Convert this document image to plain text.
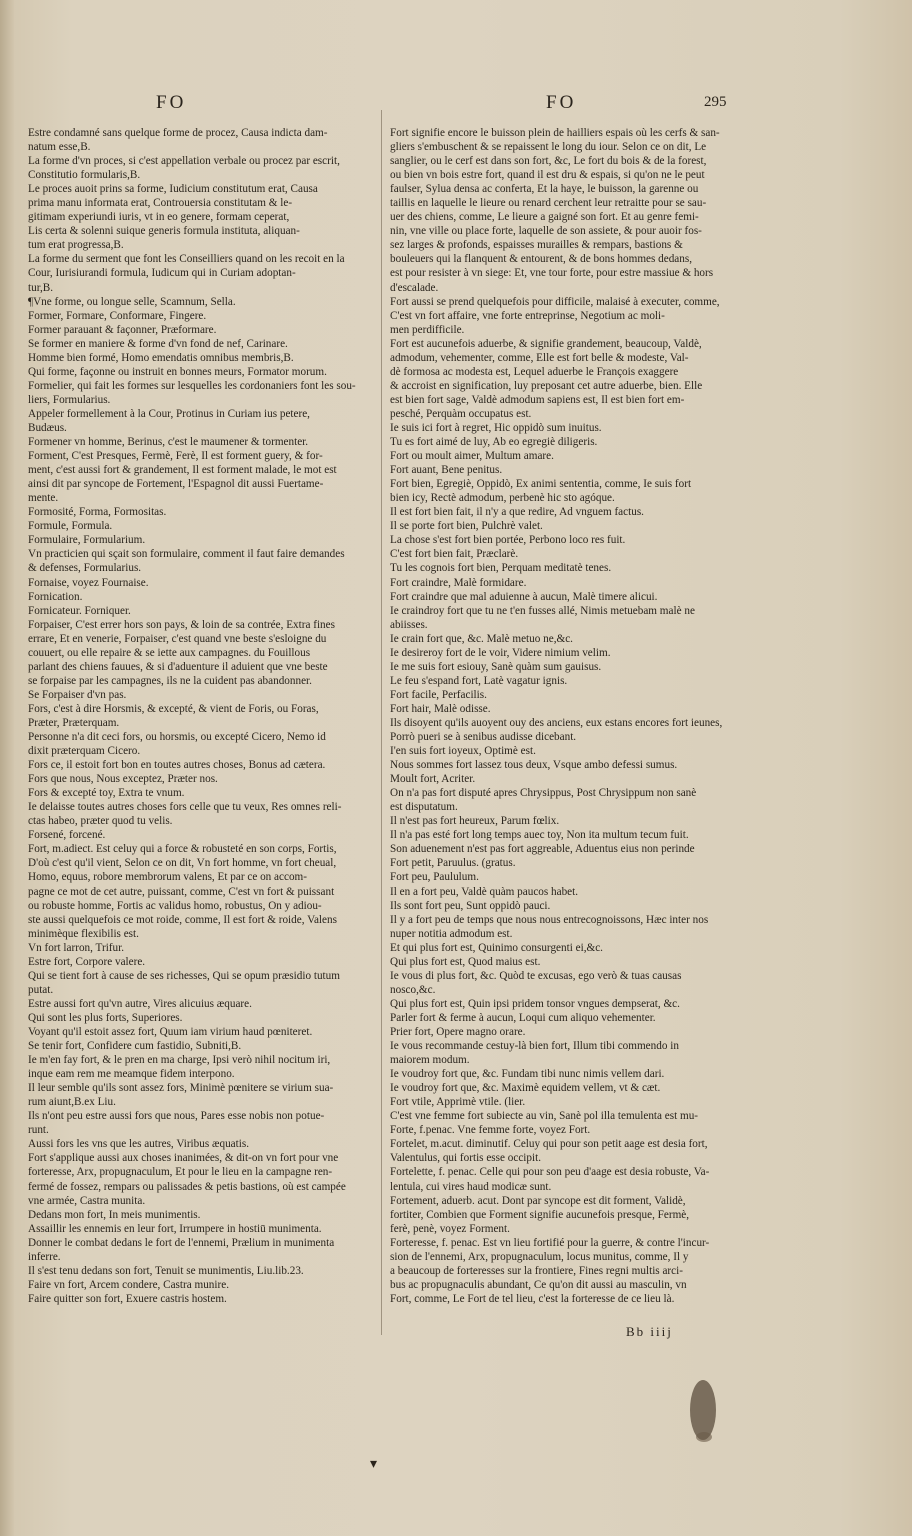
FO	FO	295
Estre condamné sans quelque forme de procez, Causa indicta dam-
natum esse,B.
La forme d'vn proces, si c'est appellation verbale ou procez par escrit,
Constitutio formularis,B.
Le proces auoit prins sa forme, Iudicium constitutum erat, Causa
prima manu informata erat, Controuersia constitutam & le-
gitimam experiundi iuris, vt in eo genere, formam ceperat,
Lis certa & solenni suique generis formula instituta, aliquan-
tum erat progressa,B.
La forme du serment que font les Conseilliers quand on les recoit en la
Cour, Iurisiurandi formula, Iudicum qui in Curiam adoptan-
tur,B.
¶Vne forme, ou longue selle, Scamnum, Sella.
Former, Formare, Conformare, Fingere.
Former parauant & façonner, Præformare.
Se former en maniere & forme d'vn fond de nef, Carinare.
Homme bien formé, Homo emendatis omnibus membris,B.
Qui forme, façonne ou instruit en bonnes meurs, Formator morum.
Formelier, qui fait les formes sur lesquelles les cordonaniers font les sou-
liers, Formularius.
Appeler formellement à la Cour, Protinus in Curiam ius petere,
Budæus.
Formener vn homme, Berinus, c'est le maumener & tormenter.
Forment, C'est Presques, Fermè, Ferè, Il est forment guery, & for-
ment, c'est aussi fort & grandement, Il est forment malade, le mot est
ainsi dit par syncope de Fortement, l'Espagnol dit aussi Fuertame-
mente.
Formosité, Forma, Formositas.
Formule, Formula.
Formulaire, Formularium.
Vn practicien qui sçait son formulaire, comment il faut faire demandes
& defenses, Formularius.
Fornaise, voyez Fournaise.
Fornication.
Fornicateur. Forniquer.
Forpaiser, C'est errer hors son pays, & loin de sa contrée, Extra fines
errare, Et en venerie, Forpaiser, c'est quand vne beste s'esloigne du
couuert, ou elle repaire & se iette aux campagnes. du Fouillous
parlant des chiens fauues, & si d'aduenture il aduient que vne beste
se forpaise par les campagnes, ils ne la cuident pas abandonner.
Se Forpaiser d'vn pas.
Fors, c'est à dire Horsmis, & excepté, & vient de Foris, ou Foras,
Præter, Præterquam.
Personne n'a dit ceci fors, ou horsmis, ou excepté Cicero, Nemo id
dixit præterquam Cicero.
Fors ce, il estoit fort bon en toutes autres choses, Bonus ad cætera.
Fors que nous, Nous exceptez, Præter nos.
Fors & excepté toy, Extra te vnum.
Ie delaisse toutes autres choses fors celle que tu veux, Res omnes reli-
ctas habeo, præter quod tu velis.
Forsené, forcené.
Fort, m.adiect. Est celuy qui a force & robusteté en son corps, Fortis,
D'où c'est qu'il vient, Selon ce on dit, Vn fort homme, vn fort cheual,
Homo, equus, robore membrorum valens, Et par ce on accom-
pagne ce mot de cet autre, puissant, comme, C'est vn fort & puissant
ou robuste homme, Fortis ac validus homo, robustus, On y adiou-
ste aussi quelquefois ce mot roide, comme, Il est fort & roide, Valens
minimèque flexibilis est.
Vn fort larron, Trifur.
Estre fort, Corpore valere.
Qui se tient fort à cause de ses richesses, Qui se opum præsidio tutum
putat.
Estre aussi fort qu'vn autre, Vires alicuius æquare.
Qui sont les plus forts, Superiores.
Voyant qu'il estoit assez fort, Quum iam virium haud pœniteret.
Se tenir fort, Confidere cum fastidio, Subniti,B.
Ie m'en fay fort, & le pren en ma charge, Ipsi verò nihil nocitum iri,
inque eam rem me meamque fidem interpono.
Il leur semble qu'ils sont assez fors, Minimè pœnitere se virium sua-
rum aiunt,B.ex Liu.
Ils n'ont peu estre aussi fors que nous, Pares esse nobis non potue-
runt.
Aussi fors les vns que les autres, Viribus æquatis.
Fort s'applique aussi aux choses inanimées, & dit-on vn fort pour vne
forteresse, Arx, propugnaculum, Et pour le lieu en la campagne ren-
fermé de fossez, rempars ou palissades & petis bastions, où est campée
vne armée, Castra munita.
Dedans mon fort, In meis munimentis.
Assaillir les ennemis en leur fort, Irrumpere in hostiū munimenta.
Donner le combat dedans le fort de l'ennemi, Prælium in munimenta
inferre.
Il s'est tenu dedans son fort, Tenuit se munimentis, Liu.lib.23.
Faire vn fort, Arcem condere, Castra munire.
Faire quitter son fort, Exuere castris hostem.
Fort signifie encore le buisson plein de hailliers espais où les cerfs & san-
gliers s'embuschent & se repaissent le long du iour. Selon ce on dit, Le
sanglier, ou le cerf est dans son fort, &c, Le fort du bois & de la forest,
ou bien vn bois estre fort, quand il est dru & espais, si qu'on ne le peut
faulser, Sylua densa ac conferta, Et la haye, le buisson, la garenne ou
taillis en laquelle le lieure ou renard cerchent leur retraitte pour se sau-
uer des chiens, comme, Le lieure a gaigné son fort. Et au genre femi-
nin, vne ville ou place forte, laquelle de son assiete, & pour auoir fos-
sez larges & profonds, espaisses murailles & rempars, bastions &
bouleuers qui la flanquent & entourent, & de bons hommes dedans,
est pour resister à vn siege: Et, vne tour forte, pour estre massiue & hors
d'escalade.
Fort aussi se prend quelquefois pour difficile, malaisé à executer, comme,
C'est vn fort affaire, vne forte entreprinse, Negotium ac moli-
men perdifficile.
Fort est aucunefois aduerbe, & signifie grandement, beaucoup, Valdè,
admodum, vehementer, comme, Elle est fort belle & modeste, Val-
dè formosa ac modesta est, Lequel aduerbe le François exaggere
& accroist en signification, luy preposant cet autre aduerbe, bien. Elle
est bien fort sage, Valdè admodum sapiens est, Il est bien fort em-
pesché, Perquàm occupatus est.
Ie suis ici fort à regret, Hic oppidò sum inuitus.
Tu es fort aimé de luy, Ab eo egregiè diligeris.
Fort ou moult aimer, Multum amare.
Fort auant, Bene penitus.
Fort bien, Egregiè, Oppidò, Ex animi sententia, comme, Ie suis fort
bien icy, Rectè admodum, perbenè hic sto agóque.
Il est fort bien fait, il n'y a que redire, Ad vnguem factus.
Il se porte fort bien, Pulchrè valet.
La chose s'est fort bien portée, Perbono loco res fuit.
C'est fort bien fait, Præclarè.
Tu les cognois fort bien, Perquam meditatè tenes.
Fort craindre, Malè formidare.
Fort craindre que mal aduienne à aucun, Malè timere alicui.
Ie craindroy fort que tu ne t'en fusses allé, Nimis metuebam malè ne
abiisses.
Ie crain fort que, &c. Malè metuo ne,&c.
Ie desireroy fort de le voir, Videre nimium velim.
Ie me suis fort esiouy, Sanè quàm sum gauisus.
Le feu s'espand fort, Latè vagatur ignis.
Fort facile, Perfacilis.
Fort hair, Malè odisse.
Ils disoyent qu'ils auoyent ouy des anciens, eux estans encores fort ieunes,
Porrò pueri se à senibus audisse dicebant.
I'en suis fort ioyeux, Optimè est.
Nous sommes fort lassez tous deux, Vsque ambo defessi sumus.
Moult fort, Acriter.
On n'a pas fort disputé apres Chrysippus, Post Chrysippum non sanè
est disputatum.
Il n'est pas fort heureux, Parum fœlix.
Il n'a pas esté fort long temps auec toy, Non ita multum tecum fuit.
Son aduenement n'est pas fort aggreable, Aduentus eius non perinde
Fort petit, Paruulus. (gratus.
Fort peu, Paululum.
Il en a fort peu, Valdè quàm paucos habet.
Ils sont fort peu, Sunt oppidò pauci.
Il y a fort peu de temps que nous nous entrecognoissons, Hæc inter nos
nuper notitia admodum est.
Et qui plus fort est, Quinimo consurgenti ei,&c.
Qui plus fort est, Quod maius est.
Ie vous di plus fort, &c. Quòd te excusas, ego verò & tuas causas
nosco,&c.
Qui plus fort est, Quin ipsi pridem tonsor vngues dempserat, &c.
Parler fort & ferme à aucun, Loqui cum aliquo vehementer.
Prier fort, Opere magno orare.
Ie vous recommande cestuy-là bien fort, Illum tibi commendo in
maiorem modum.
Ie voudroy fort que, &c. Fundam tibi nunc nimis vellem dari.
Ie voudroy fort que, &c. Maximè equidem vellem, vt & cæt.
Fort vtile, Apprimè vtile. (lier.
C'est vne femme fort subiecte au vin, Sanè pol illa temulenta est mu-
Forte, f.penac. Vne femme forte, voyez Fort.
Fortelet, m.acut. diminutif. Celuy qui pour son petit aage est desia fort,
Valentulus, qui fortis esse occipit.
Fortelette, f. penac. Celle qui pour son peu d'aage est desia robuste, Va-
lentula, cui vires haud modicæ sunt.
Fortement, aduerb. acut. Dont par syncope est dit forment, Validè,
fortiter, Combien que Forment signifie aucunefois presque, Fermè,
ferè, penè, voyez Forment.
Forteresse, f. penac. Est vn lieu fortifié pour la guerre, & contre l'incur-
sion de l'ennemi, Arx, propugnaculum, locus munitus, comme, Il y
a beaucoup de forteresses sur la frontiere, Fines regni multis arci-
bus ac propugnaculis abundant, Ce qu'on dit aussi au masculin, vn
Fort, comme, Le Fort de tel lieu, c'est la forteresse de ce lieu là.
Bb iiij
▾
